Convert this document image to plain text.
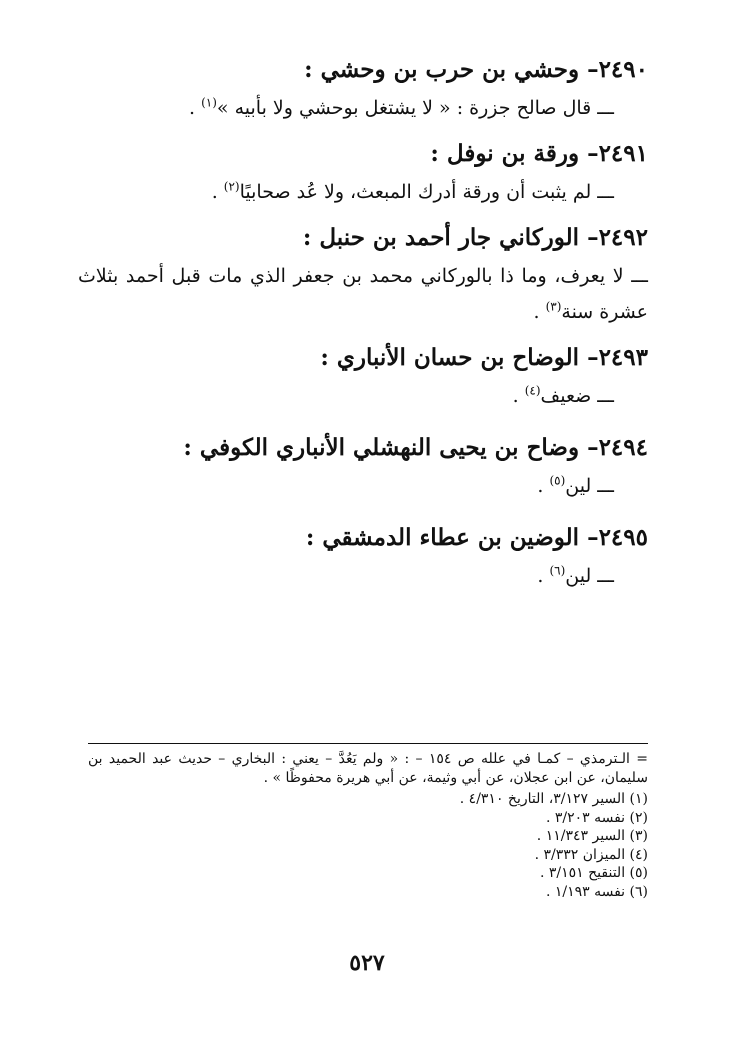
٢٤٩٠– وحشي بن حرب بن وحشي :
ـــ قال صالح جزرة : « لا يشتغل بوحشي ولا بأبيه »$^{(١)}$ .
٢٤٩١– ورقة بن نوفل :
ـــ لم يثبت أن ورقة أدرك المبعث، ولا عُد صحابيًا$^{(٢)}$ .
٢٤٩٢– الوركاني جار أحمد بن حنبل :
ـــ لا يعرف، وما ذا بالوركاني محمد بن جعفر الذي مات قبل أحمد بثلاث عشرة سنة$^{(٣)}$ .
٢٤٩٣– الوضاح بن حسان الأنباري :
ـــ ضعيف$^{(٤)}$ .
٢٤٩٤– وضاح بن يحيى النهشلي الأنباري الكوفي :
ـــ لين$^{(٥)}$ .
٢٤٩٥– الوضين بن عطاء الدمشقي :
ـــ لين$^{(٦)}$ .
= الـترمذي – كمـا في علله ص ١٥٤ – : « ولم يَعُدَّ – يعني : البخاري – حديث عبد الحميد بن سليمان، عن ابن عجلان، عن أبي وثيمة، عن أبي هريرة محفوظًا » .
(١) السير ٣/١٢٧، التاريخ ٤/٣١٠ .
(٢) نفسه ٣/٢٠٣ .
(٣) السير ١١/٣٤٣ .
(٤) الميزان ٣/٣٣٢ .
(٥) التنقيح ٣/١٥١ .
(٦) نفسه ١/١٩٣ .
٥٢٧
